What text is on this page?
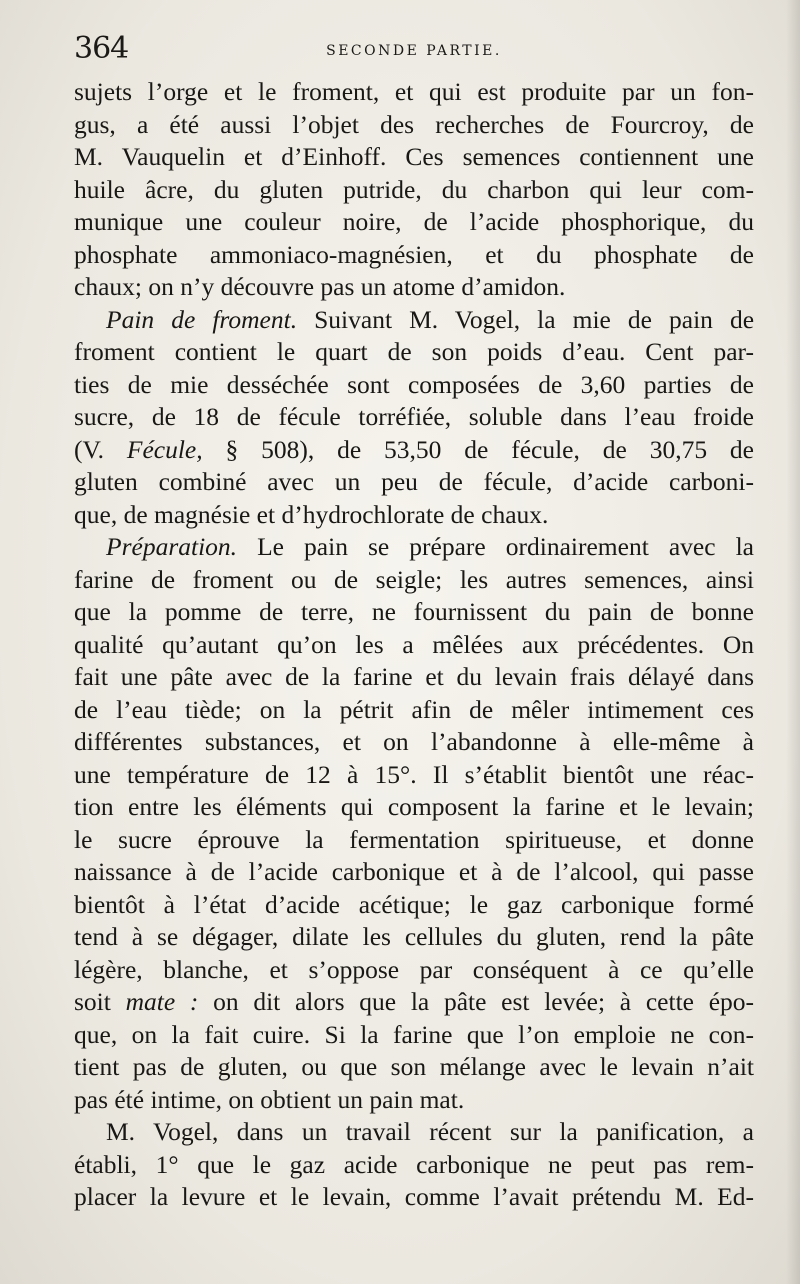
364	SECONDE PARTIE.

sujets l’orge et le froment, et qui est produite par un fon-

gus, a été aussi l’objet des recherches de Fourcroy, de

M. Vauquelin et d’Einhoff. Ces semences contiennent une

huile âcre, du gluten putride, du charbon qui leur com-

munique une couleur noire, de l’acide phosphorique, du

phosphate ammoniaco-magnésien, et du phosphate de

chaux; on n’y découvre pas un atome d’amidon.

Pain de froment. Suivant M. Vogel, la mie de pain de

froment contient le quart de son poids d’eau. Cent par-

ties de mie desséchée sont composées de 3,60 parties de

sucre, de 18 de fécule torréfiée, soluble dans l’eau froide

(V. Fécule, § 508), de 53,50 de fécule, de 30,75 de

gluten combiné avec un peu de fécule, d’acide carboni-

que, de magnésie et d’hydrochlorate de chaux.

Préparation. Le pain se prépare ordinairement avec la

farine de froment ou de seigle; les autres semences, ainsi

que la pomme de terre, ne fournissent du pain de bonne

qualité qu’autant qu’on les a mêlées aux précédentes. On

fait une pâte avec de la farine et du levain frais délayé dans

de l’eau tiède; on la pétrit afin de mêler intimement ces

différentes substances, et on l’abandonne à elle-même à

une température de 12 à 15°. Il s’établit bientôt une réac-

tion entre les éléments qui composent la farine et le levain;

le sucre éprouve la fermentation spiritueuse, et donne

naissance à de l’acide carbonique et à de l’alcool, qui passe

bientôt à l’état d’acide acétique; le gaz carbonique formé

tend à se dégager, dilate les cellules du gluten, rend la pâte

légère, blanche, et s’oppose par conséquent à ce qu’elle

soit mate : on dit alors que la pâte est levée; à cette épo-

que, on la fait cuire. Si la farine que l’on emploie ne con-

tient pas de gluten, ou que son mélange avec le levain n’ait

pas été intime, on obtient un pain mat.

M. Vogel, dans un travail récent sur la panification, a

établi, 1° que le gaz acide carbonique ne peut pas rem-

placer la levure et le levain, comme l’avait prétendu M. Ed-
